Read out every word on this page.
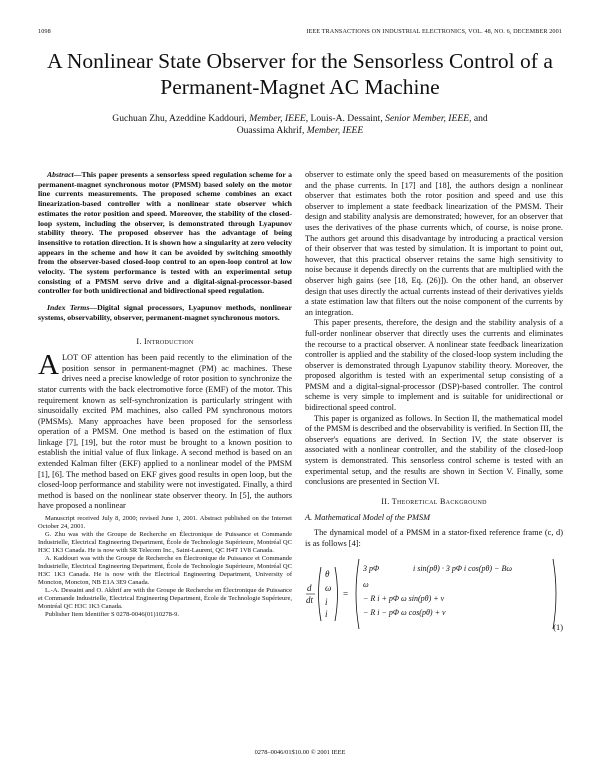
1098	IEEE TRANSACTIONS ON INDUSTRIAL ELECTRONICS, VOL. 48, NO. 6, DECEMBER 2001
A Nonlinear State Observer for the Sensorless Control of a Permanent-Magnet AC Machine
Guchuan Zhu, Azeddine Kaddouri, Member, IEEE, Louis-A. Dessaint, Senior Member, IEEE, and
Ouassima Akhrif, Member, IEEE

Abstract—This paper presents a sensorless speed regulation scheme for a permanent-magnet synchronous motor (PMSM) based solely on the motor line currents measurements. The proposed scheme combines an exact linearization-based controller with a nonlinear state observer which estimates the rotor position and speed. Moreover, the stability of the closed-loop system, including the observer, is demonstrated through Lyapunov stability theory. The proposed observer has the advantage of being insensitive to rotation direction. It is shown how a singularity at zero velocity appears in the scheme and how it can be avoided by switching smoothly from the observer-based closed-loop control to an open-loop control at low velocity. The system performance is tested with an experimental setup consisting of a PMSM servo drive and a digital-signal-processor-based controller for both unidirectional and bidirectional speed regulation.

Index Terms—Digital signal processors, Lyapunov methods, nonlinear systems, observability, observer, permanent-magnet synchronous motors.

I. Introduction

ALOT OF attention has been paid recently to the elimination of the position sensor in permanent-magnet (PM) ac machines. These drives need a precise knowledge of rotor position to synchronize the stator currents with the back electromotive force (EMF) of the motor. This requirement known as self-synchronization is particularly stringent with sinusoidally excited PM machines, also called PM synchronous motors (PMSMs). Many approaches have been proposed for the sensorless operation of a PMSM. One method is based on the estimation of flux linkage [7], [19], but the rotor must be brought to a known position to establish the initial value of flux linkage. A second method is based on an extended Kalman filter (EKF) applied to a nonlinear model of the PMSM [1], [6]. The method based on EKF gives good results in open loop, but the closed-loop performance and stability were not investigated. Finally, a third method is based on the nonlinear state observer theory. In [5], the authors have proposed a nonlinear

Manuscript received July 8, 2000; revised June 1, 2001. Abstract published on the Internet October 24, 2001.

G. Zhu was with the Groupe de Recherche en Électronique de Puissance et Commande Industrielle, Electrical Engineering Department, École de Technologie Supérieure, Montréal QC H3C 1K3 Canada. He is now with SR Telecom Inc., Saint-Laurent, QC H4T 1V8 Canada.

A. Kaddouri was with the Groupe de Recherche en Électronique de Puissance et Commande Industrielle, Electrical Engineering Department, École de Technologie Supérieure, Montréal QC H3C 1K3 Canada. He is now with the Electrical Engineering Department, University of Moncton, Moncton, NB E1A 3E9 Canada.

L.-A. Dessaint and O. Akhrif are with the Groupe de Recherche en Électronique de Puissance et Commande Industrielle, Electrical Engineering Department, École de Technologie Supérieure, Montréal QC H3C 1K3 Canada.

Publisher Item Identifier S 0278-0046(01)10278-9.

observer to estimate only the speed based on measurements of the position and the phase currents. In [17] and [18], the authors design a nonlinear observer that estimates both the rotor position and speed and use this observer to implement a state feedback linearization of the PMSM. Their design and stability analysis are demonstrated; however, for an observer that uses the derivatives of the phase currents which, of course, is noise prone. The authors get around this disadvantage by introducing a practical version of their observer that was tested by simulation. It is important to point out, however, that this practical observer retains the same high sensitivity to noise because it depends directly on the currents that are multiplied with the observer high gains (see [18, Eq. (26)]). On the other hand, an observer design that uses directly the actual currents instead of their derivatives yields a state estimation law that filters out the noise component of the currents by an integration.

This paper presents, therefore, the design and the stability analysis of a full-order nonlinear observer that directly uses the currents and eliminates the recourse to a practical observer. A nonlinear state feedback linearization controller is applied and the stability of the closed-loop system including the observer is demonstrated through Lyapunov stability theory. Moreover, the proposed algorithm is tested with an experimental setup consisting of a PMSM and a digital-signal-processor (DSP)-based controller. The control scheme is very simple to implement and is suitable for unidirectional or bidirectional speed control.

This paper is organized as follows. In Section II, the mathematical model of the PMSM is described and the observability is verified. In Section III, the observer's equations are derived. In Section IV, the state observer is associated with a nonlinear controller, and the stability of the closed-loop system is demonstrated. This sensorless control scheme is tested with an experimental setup, and the results are shown in Section V. Finally, some conclusions are presented in Section VI.

II. Theoretical Background

A. Mathematical Model of the PMSM

The dynamical model of a PMSM in a stator-fixed reference frame (c, d) is as follows [4]:

d
dt
θ
ω
i
i
=
3 pΦ	i sin(pθ) · 3 pΦ i cos(pθ) − Bω
ω
− R i + pΦ ω sin(pθ) + v
− R i − pΦ ω cos(pθ) + v
(1)
0278–0046/01$10.00 © 2001 IEEE
